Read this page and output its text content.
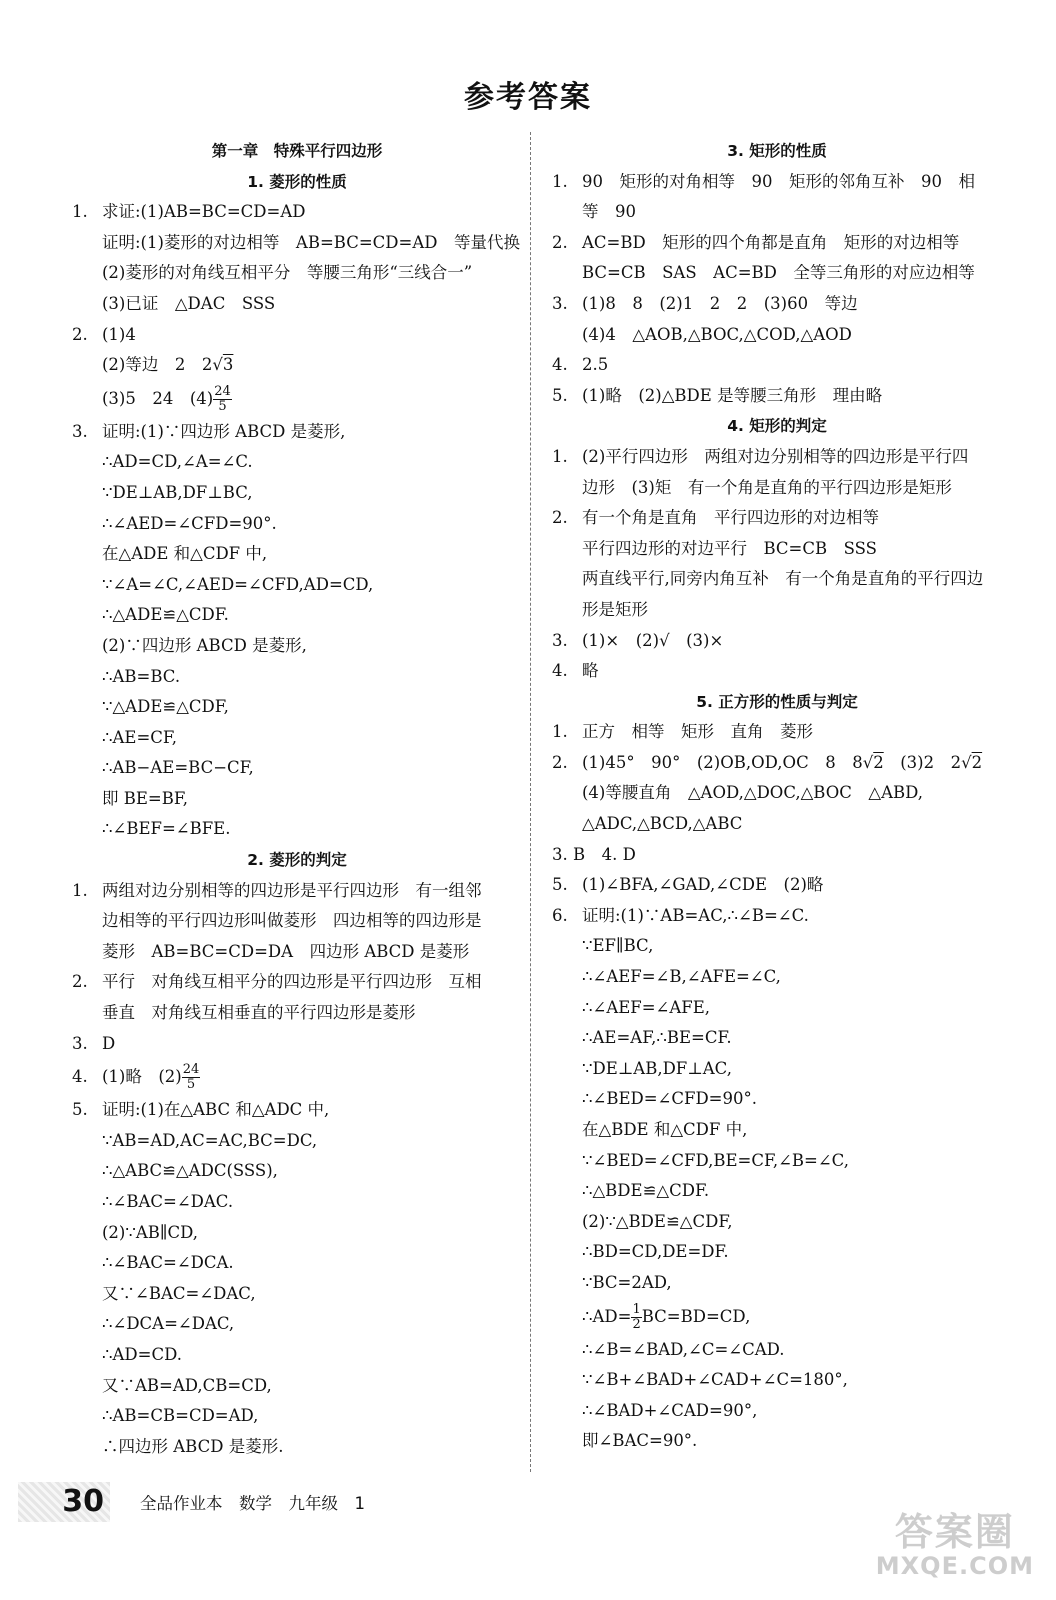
参考答案
第一章　特殊平行四边形
1. 菱形的性质
1. 求证:(1)AB=BC=CD=AD
证明:(1)菱形的对边相等　AB=BC=CD=AD　等量代换
(2)菱形的对角线互相平分　等腰三角形“三线合一”
(3)已证　△DAC　SSS
2. (1)4
(2)等边　2　2√3
(3)5　24　$(4) \frac{24}{5}$
3. 证明:(1)∵四边形 ABCD 是菱形,
∴AD=CD,∠A=∠C.
∵DE⊥AB,DF⊥BC,
∴∠AED=∠CFD=90°.
在△ADE 和△CDF 中,
∵∠A=∠C,∠AED=∠CFD,AD=CD,
∴△ADE≌△CDF.
(2)∵四边形 ABCD 是菱形,
∴AB=BC.
∵△ADE≌△CDF,
∴AE=CF,
∴AB−AE=BC−CF,
即 BE=BF,
∴∠BEF=∠BFE.
2. 菱形的判定
1. 两组对边分别相等的四边形是平行四边形　有一组邻
边相等的平行四边形叫做菱形　四边相等的四边形是
菱形　AB=BC=CD=DA　四边形 ABCD 是菱形
2. 平行　对角线互相平分的四边形是平行四边形　互相
垂直　对角线互相垂直的平行四边形是菱形
3. D
4. (1)略　$(2) \frac{24}{5}$
5. 证明:(1)在△ABC 和△ADC 中,
∵AB=AD,AC=AC,BC=DC,
∴△ABC≌△ADC(SSS),
∴∠BAC=∠DAC.
(2)∵AB∥CD,
∴∠BAC=∠DCA.
又∵∠BAC=∠DAC,
∴∠DCA=∠DAC,
∴AD=CD.
又∵AB=AD,CB=CD,
∴AB=CB=CD=AD,
∴四边形 ABCD 是菱形.
3. 矩形的性质
1. 90　矩形的对角相等　90　矩形的邻角互补　90　相
等　90
2. AC=BD　矩形的四个角都是直角　矩形的对边相等
BC=CB　SAS　AC=BD　全等三角形的对应边相等
3. (1)8　8　(2)1　2　2　(3)60　等边
(4)4　△AOB,△BOC,△COD,△AOD
4. 2.5
5. (1)略　(2)△BDE 是等腰三角形　理由略
4. 矩形的判定
1. (2)平行四边形　两组对边分别相等的四边形是平行四
边形　(3)矩　有一个角是直角的平行四边形是矩形
2. 有一个角是直角　平行四边形的对边相等
平行四边形的对边平行　BC=CB　SSS
两直线平行,同旁内角互补　有一个角是直角的平行四边
形是矩形
3. (1)×　(2)√　(3)×
4. 略
5. 正方形的性质与判定
1. 正方　相等　矩形　直角　菱形
2. (1)45°　90°　(2)OB,OD,OC　8　8√2　(3)2　2√2
(4)等腰直角　△AOD,△DOC,△BOC　△ABD,
△ADC,△BCD,△ABC
3. B　4. D
5. (1)∠BFA,∠GAD,∠CDE　(2)略
6. 证明:(1)∵AB=AC,∴∠B=∠C.
∵EF∥BC,
∴∠AEF=∠B,∠AFE=∠C,
∴∠AEF=∠AFE,
∴AE=AF,∴BE=CF.
∵DE⊥AB,DF⊥AC,
∴∠BED=∠CFD=90°.
在△BDE 和△CDF 中,
∵∠BED=∠CFD,BE=CF,∠B=∠C,
∴△BDE≌△CDF.
(2)∵△BDE≌△CDF,
∴BD=CD,DE=DF.
∵BC=2AD,
∴AD= $\frac{1}{2} BC=BD=CD$,
∴∠B=∠BAD,∠C=∠CAD.
∵∠B+∠BAD+∠CAD+∠C=180°,
∴∠BAD+∠CAD=90°,
即∠BAC=90°.
30 全品作业本　数学　九年级　1
答案圈
MXQE.COM
